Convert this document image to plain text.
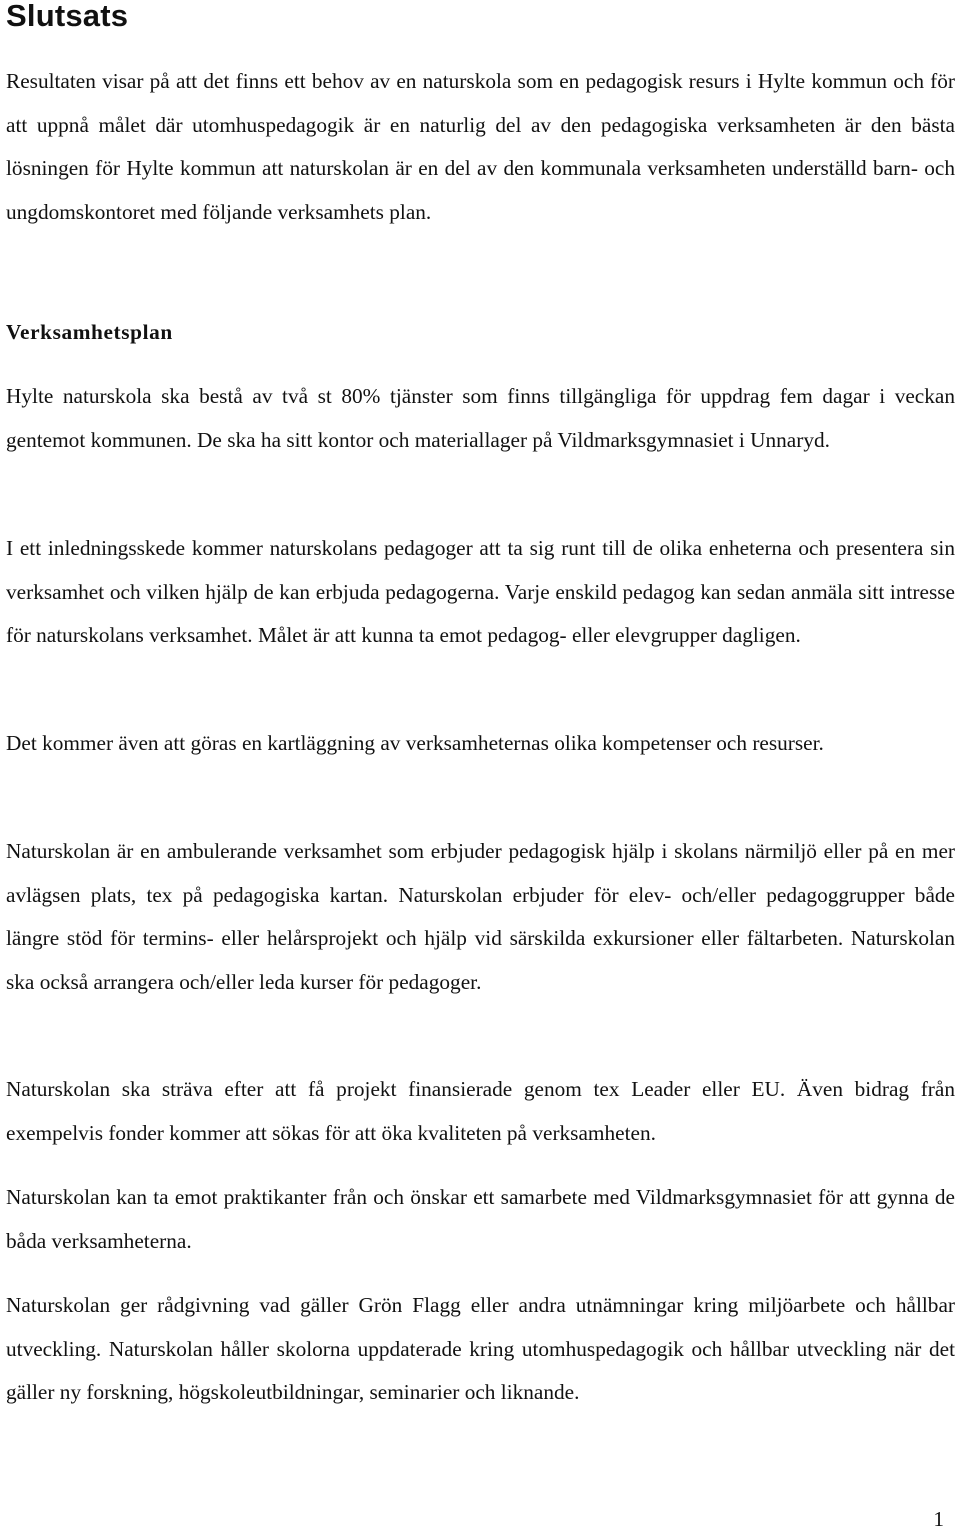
Slutsats

Resultaten visar på att det finns ett behov av en naturskola som en pedagogisk resurs i Hylte kommun och för att uppnå målet där utomhuspedagogik är en naturlig del av den pedagogiska verksamheten är den bästa lösningen för Hylte kommun att naturskolan är en del av den kommunala verksamheten underställd barn- och ungdomskontoret med följande verksamhets plan.

Verksamhetsplan

Hylte naturskola ska bestå av två st 80% tjänster som finns tillgängliga för uppdrag fem dagar i veckan gentemot kommunen. De ska ha sitt kontor och materiallager på Vildmarksgymnasiet i Unnaryd.

I ett inledningsskede kommer naturskolans pedagoger att ta sig runt till de olika enheterna och presentera sin verksamhet och vilken hjälp de kan erbjuda pedagogerna. Varje enskild pedagog kan sedan anmäla sitt intresse för naturskolans verksamhet. Målet är att kunna ta emot pedagog- eller elevgrupper dagligen.

Det kommer även att göras en kartläggning av verksamheternas olika kompetenser och resurser.

Naturskolan är en ambulerande verksamhet som erbjuder pedagogisk hjälp i skolans närmiljö eller på en mer avlägsen plats, tex på pedagogiska kartan. Naturskolan erbjuder för elev- och/eller pedagoggrupper både längre stöd för termins- eller helårsprojekt och hjälp vid särskilda exkursioner eller fältarbeten. Naturskolan ska också arrangera och/eller leda kurser för pedagoger.

Naturskolan ska sträva efter att få projekt finansierade genom tex Leader eller EU. Även bidrag från exempelvis fonder kommer att sökas för att öka kvaliteten på verksamheten.

Naturskolan kan ta emot praktikanter från och önskar ett samarbete med Vildmarksgymnasiet för att gynna de båda verksamheterna.

Naturskolan ger rådgivning vad gäller Grön Flagg eller andra utnämningar kring miljöarbete och hållbar utveckling. Naturskolan håller skolorna uppdaterade kring utomhuspedagogik och hållbar utveckling när det gäller ny forskning, högskoleutbildningar, seminarier och liknande.

1
